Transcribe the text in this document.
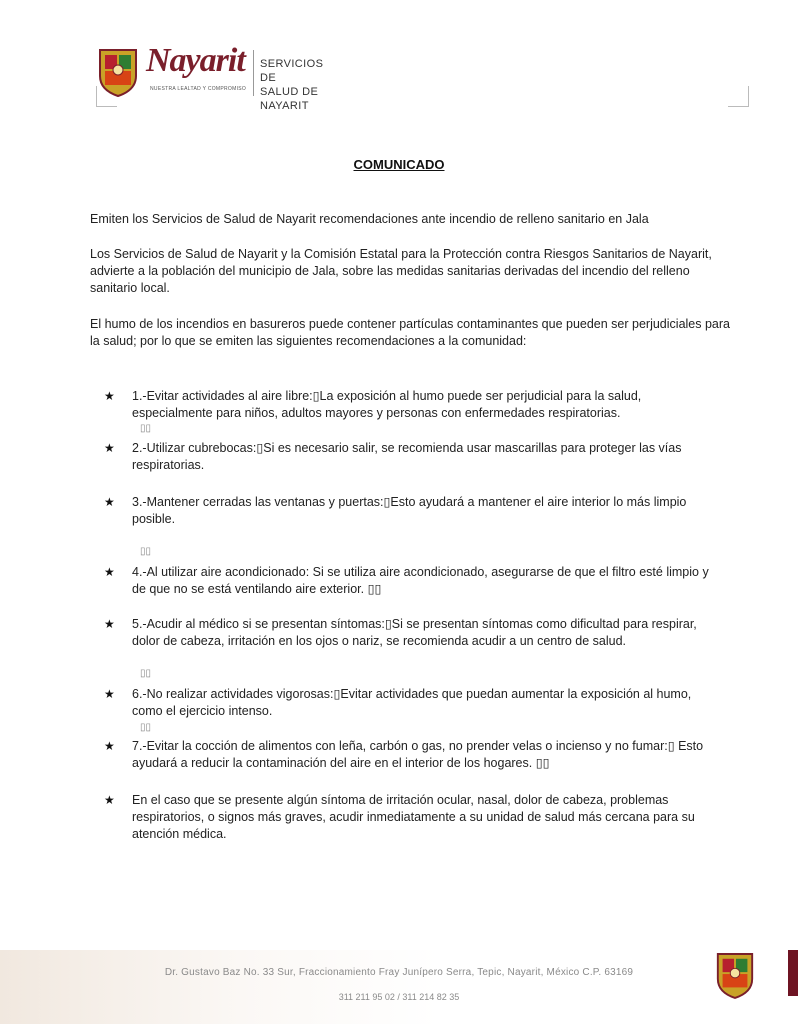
Nayarit
NUESTRA LEALTAD Y COMPROMISO
SERVICIOS DE
SALUD DE NAYARIT
COMUNICADO

Emiten los Servicios de Salud de Nayarit recomendaciones ante incendio de relleno sanitario en Jala

Los Servicios de Salud de Nayarit y la Comisión Estatal para la Protección contra Riesgos Sanitarios de Nayarit, advierte a la población del municipio de Jala, sobre las medidas sanitarias derivadas del incendio del relleno sanitario local.

El humo de los incendios en basureros puede contener partículas contaminantes que pueden ser perjudiciales para la salud; por lo que se emiten las siguientes recomendaciones a la comunidad:

★ 1.-Evitar actividades al aire libre:▯La exposición al humo puede ser perjudicial para la salud, especialmente para niños, adultos mayores y personas con enfermedades respiratorias.
▯▯
★ 2.-Utilizar cubrebocas:▯Si es necesario salir, se recomienda usar mascarillas para proteger las vías respiratorias.
★ 3.-Mantener cerradas las ventanas y puertas:▯Esto ayudará a mantener el aire interior lo más limpio posible.
▯▯
★ 4.-Al utilizar aire acondicionado: Si se utiliza aire acondicionado, asegurarse de que el filtro esté limpio y de que no se está ventilando aire exterior. ▯▯
★ 5.-Acudir al médico si se presentan síntomas:▯Si se presentan síntomas como dificultad para respirar, dolor de cabeza, irritación en los ojos o nariz, se recomienda acudir a un centro de salud.
▯▯
★ 6.-No realizar actividades vigorosas:▯Evitar actividades que puedan aumentar la exposición al humo, como el ejercicio intenso.
▯▯
★ 7.-Evitar la cocción de alimentos con leña, carbón o gas, no prender velas o incienso y no fumar:▯ Esto ayudará a reducir la contaminación del aire en el interior de los hogares. ▯▯
★ En el caso que se presente algún síntoma de irritación ocular, nasal, dolor de cabeza, problemas respiratorios, o signos más graves, acudir inmediatamente a su unidad de salud más cercana para su atención médica.
Dr. Gustavo Baz No. 33 Sur, Fraccionamiento Fray Junípero Serra, Tepic, Nayarit, México C.P. 63169
311 211 95 02 / 311 214 82 35
